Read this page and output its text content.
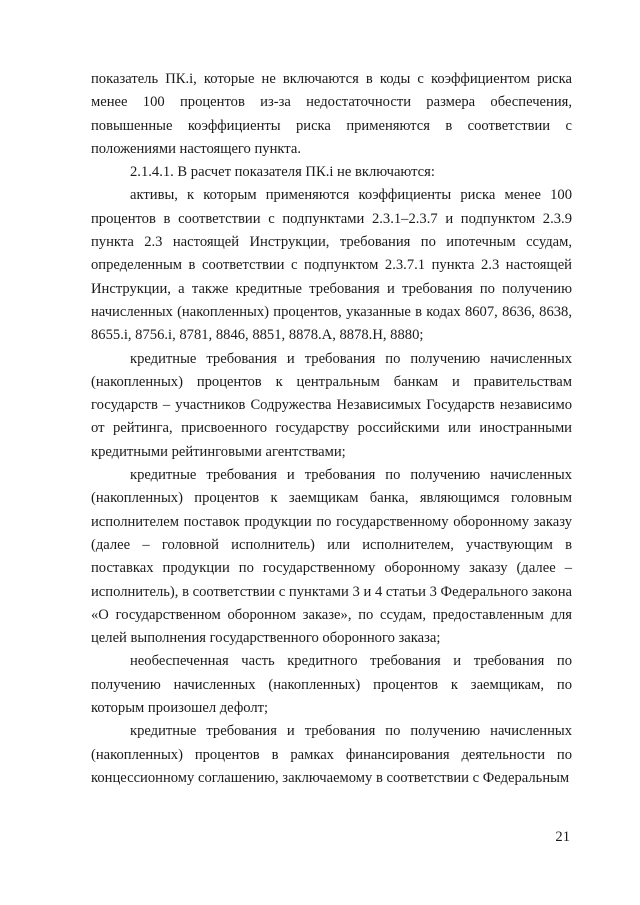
показатель ПК.i, которые не включаются в коды с коэффициентом риска менее 100 процентов из-за недостаточности размера обеспечения, повышенные коэффициенты риска применяются в соответствии с положениями настоящего пункта.

2.1.4.1. В расчет показателя ПК.i не включаются:

активы, к которым применяются коэффициенты риска менее 100 процентов в соответствии с подпунктами 2.3.1–2.3.7 и подпунктом 2.3.9 пункта 2.3 настоящей Инструкции, требования по ипотечным ссудам, определенным в соответствии с подпунктом 2.3.7.1 пункта 2.3 настоящей Инструкции, а также кредитные требования и требования по получению начисленных (накопленных) процентов, указанные в кодах 8607, 8636, 8638, 8655.i, 8756.i, 8781, 8846, 8851, 8878.А, 8878.Н, 8880;

кредитные требования и требования по получению начисленных (накопленных) процентов к центральным банкам и правительствам государств – участников Содружества Независимых Государств независимо от рейтинга, присвоенного государству российскими или иностранными кредитными рейтинговыми агентствами;

кредитные требования и требования по получению начисленных (накопленных) процентов к заемщикам банка, являющимся головным исполнителем поставок продукции по государственному оборонному заказу (далее – головной исполнитель) или исполнителем, участвующим в поставках продукции по государственному оборонному заказу (далее – исполнитель), в соответствии с пунктами 3 и 4 статьи 3 Федерального закона «О государственном оборонном заказе», по ссудам, предоставленным для целей выполнения государственного оборонного заказа;

необеспеченная часть кредитного требования и требования по получению начисленных (накопленных) процентов к заемщикам, по которым произошел дефолт;

кредитные требования и требования по получению начисленных (накопленных) процентов в рамках финансирования деятельности по концессионному соглашению, заключаемому в соответствии с Федеральным

21
